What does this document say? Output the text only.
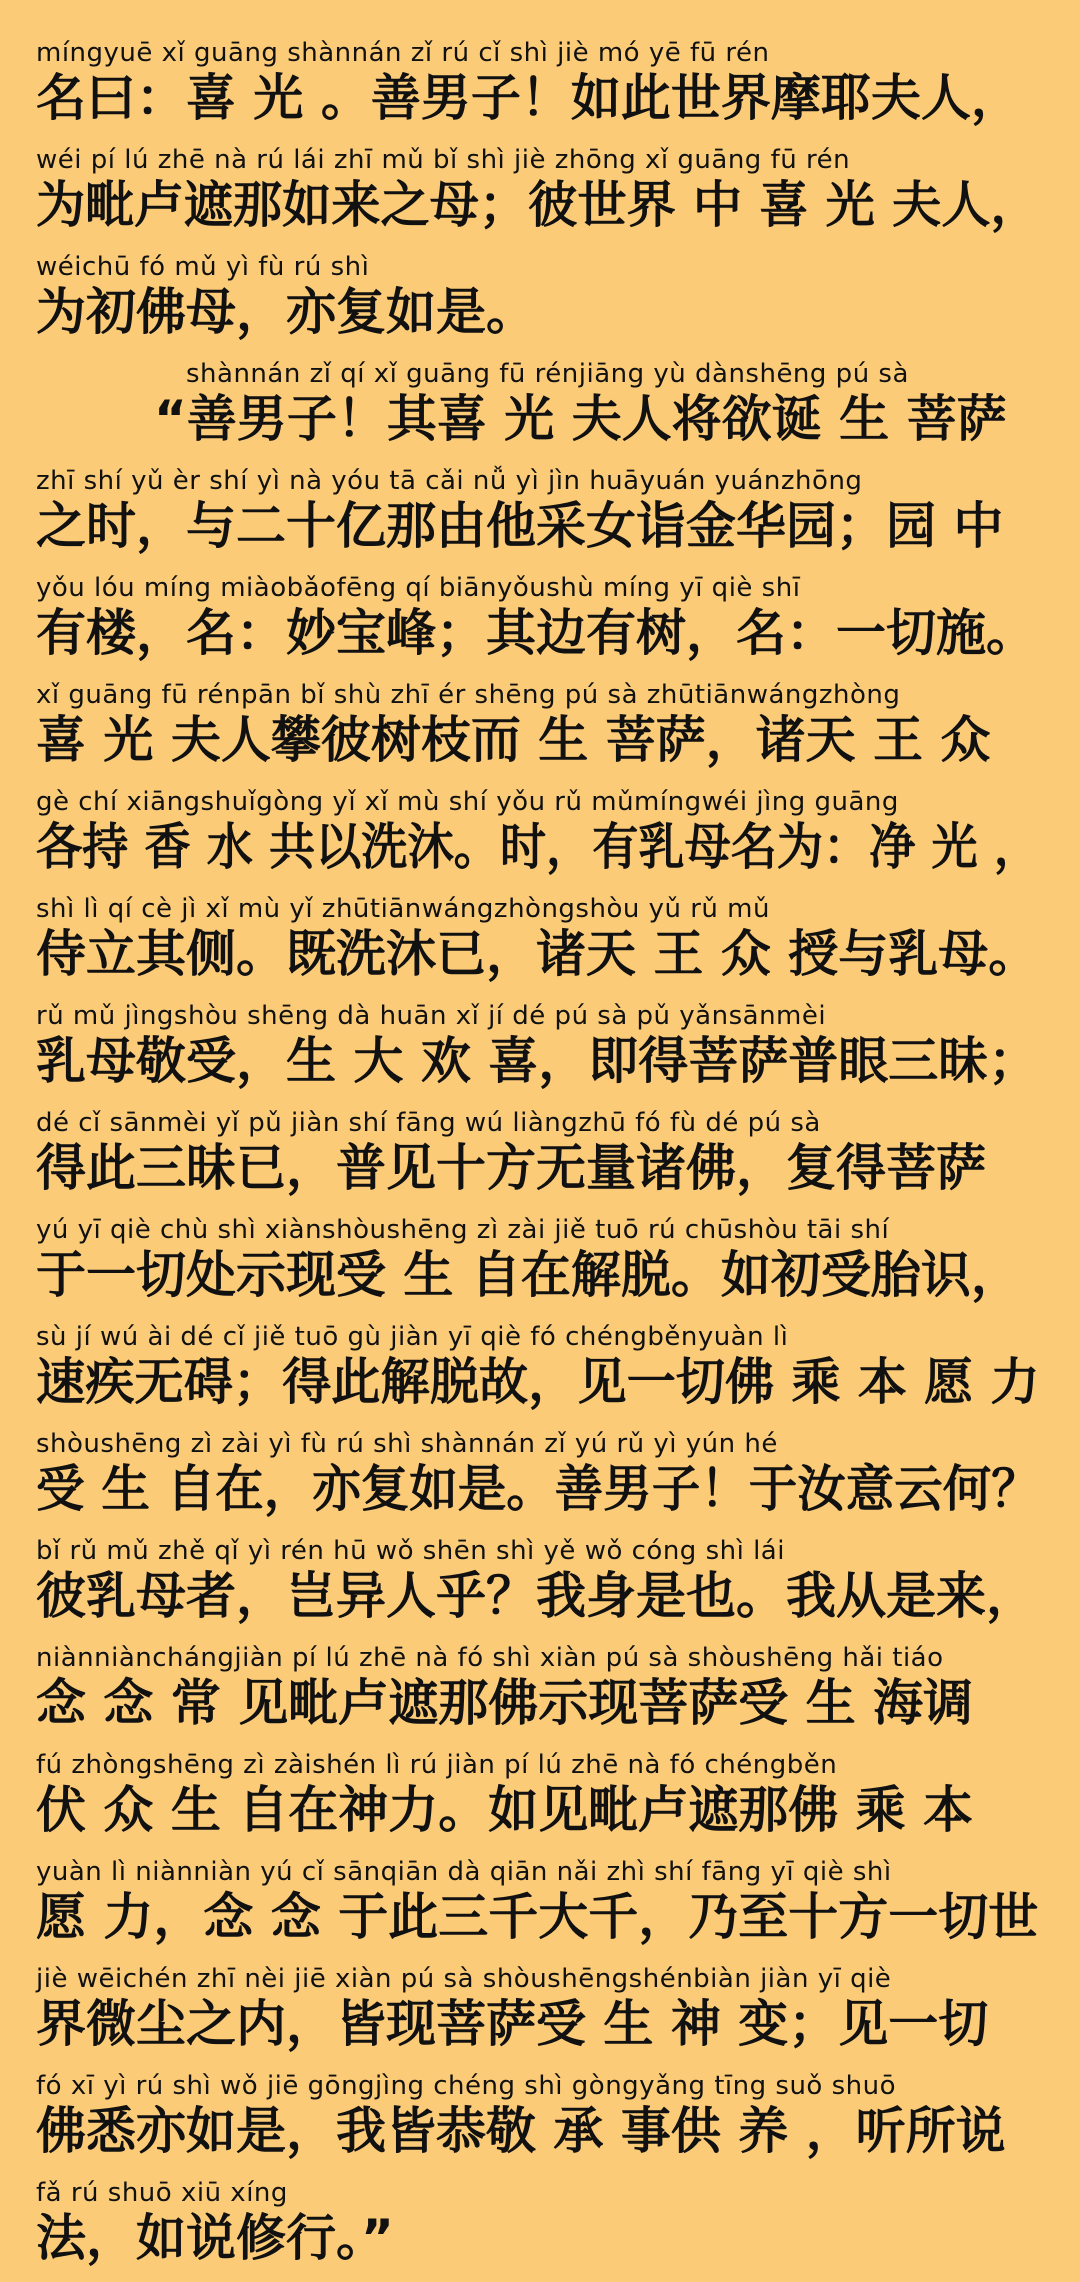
míngyuē xǐ guāng shànnán zǐ rú cǐ shì jiè mó yē fū rén
名曰：喜 光 。善男子！如此世界摩耶夫人，
wéi pí lú zhē nà rú lái zhī mǔ bǐ shì jiè zhōng xǐ guāng fū rén
为毗卢遮那如来之母；彼世界 中 喜 光 夫人，
wéichū fó mǔ yì fù rú shì
为初佛母，亦复如是。
shànnán zǐ qí xǐ guāng fū rénjiāng yù dànshēng pú sà
“善男子！其喜 光 夫人将欲诞 生 菩萨
zhī shí yǔ èr shí yì nà yóu tā cǎi nǚ yì jìn huāyuán yuánzhōng
之时，与二十亿那由他采女诣金华园；园 中
yǒu lóu míng miàobǎofēng qí biānyǒushù míng yī qiè shī
有楼，名：妙宝峰；其边有树，名：一切施。
xǐ guāng fū rénpān bǐ shù zhī ér shēng pú sà zhūtiānwángzhòng
喜 光 夫人攀彼树枝而 生 菩萨，诸天 王 众
gè chí xiāngshuǐgòng yǐ xǐ mù shí yǒu rǔ mǔmíngwéi jìng guāng
各持 香 水 共以洗沐。时，有乳母名为：净 光 ，
shì lì qí cè jì xǐ mù yǐ zhūtiānwángzhòngshòu yǔ rǔ mǔ
侍立其侧。既洗沐已，诸天 王 众 授与乳母。
rǔ mǔ jìngshòu shēng dà huān xǐ jí dé pú sà pǔ yǎnsānmèi
乳母敬受，生 大 欢 喜，即得菩萨普眼三昧；
dé cǐ sānmèi yǐ pǔ jiàn shí fāng wú liàngzhū fó fù dé pú sà
得此三昧已，普见十方无量诸佛，复得菩萨
yú yī qiè chù shì xiànshòushēng zì zài jiě tuō rú chūshòu tāi shí
于一切处示现受 生 自在解脱。如初受胎识，
sù jí wú ài dé cǐ jiě tuō gù jiàn yī qiè fó chéngběnyuàn lì
速疾无碍；得此解脱故，见一切佛 乘 本 愿 力
shòushēng zì zài yì fù rú shì shànnán zǐ yú rǔ yì yún hé
受 生 自在，亦复如是。善男子！于汝意云何？
bǐ rǔ mǔ zhě qǐ yì rén hū wǒ shēn shì yě wǒ cóng shì lái
彼乳母者，岂异人乎？我身是也。我从是来，
niànniànchángjiàn pí lú zhē nà fó shì xiàn pú sà shòushēng hǎi tiáo
念 念 常 见毗卢遮那佛示现菩萨受 生 海调
fú zhòngshēng zì zàishén lì rú jiàn pí lú zhē nà fó chéngběn
伏 众 生 自在神力。如见毗卢遮那佛 乘 本
yuàn lì niànniàn yú cǐ sānqiān dà qiān nǎi zhì shí fāng yī qiè shì
愿 力，念 念 于此三千大千，乃至十方一切世
jiè wēichén zhī nèi jiē xiàn pú sà shòushēngshénbiàn jiàn yī qiè
界微尘之内，皆现菩萨受 生 神 变；见一切
fó xī yì rú shì wǒ jiē gōngjìng chéng shì gòngyǎng tīng suǒ shuō
佛悉亦如是，我皆恭敬 承 事供 养 ，听所说
fǎ rú shuō xiū xíng
法，如说修行。”
